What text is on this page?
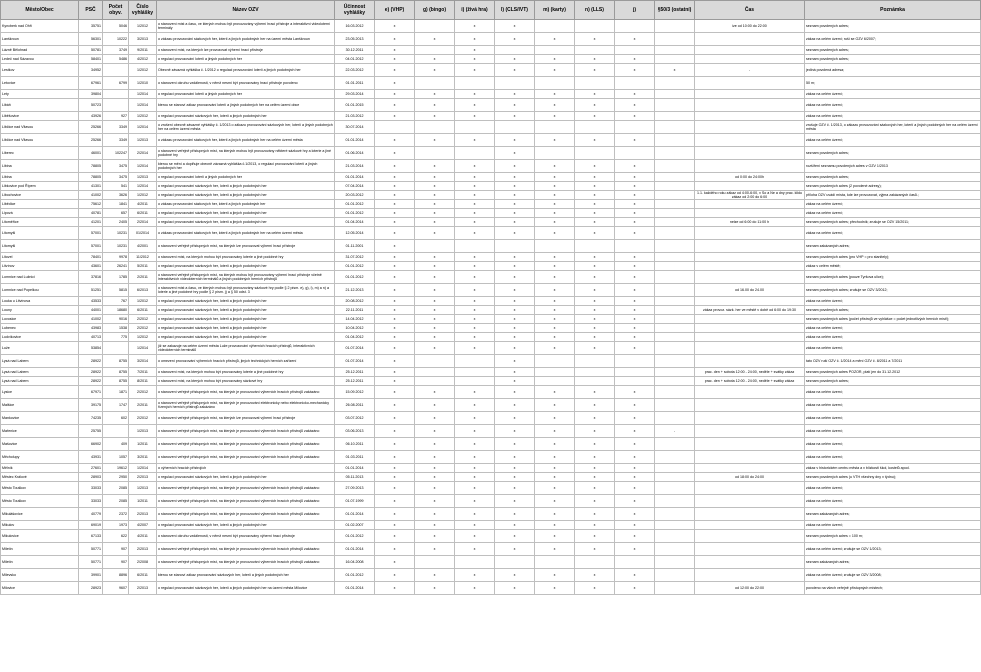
Město/Obec	PSČ	Počet obyv.	Číslo vyhlášky	Název OZV	Účinnost vyhlášky	e) (VHP)	g) (bingo)	i) (živá hra)	l) (CLS/IVT)	m) (karty)	n) (LLS)	j)	§50/3 (ostatní)	Čas	Poznámka
Kyncberk nad Ohří	35751	5046	1/2012	o stanovení míst a času, ve kterých mohou být provozovány výherní hrací přístroje a interaktivní videoloterní terminály	16.03.2012	x		x	x					ize od 10:00 do 22:00	seznam povolených adres;
Lanškroun	56301	10222	3/2013	o zákazu provozování sázkových her, loterií a jiných podobných her na území města Lanškroun	23.05.2013	x	x	x	x	x	x	x			zákaz na celém území; ruší se OZV 6/2007;
Lázně Bělohrad	50781	3749	9/2011	o stanovení míst, na kterých lze provozovat výherní hrací přístroje	30.12.2011	x		x							seznam povolených adres;
Ledeč nad Sázavou	58401	5486	4/2012	o regulaci provozování loterií a jiných podobných her	04.01.2012	x	x	x	x	x	x	x			seznam povolených adres;
Lestkov	34952		1/2012	Obecně závazná vyhláška č. 1/2012 o regulaci provozování loterií a jiných podobných her	22.03.2012	x	x	x	x	x	x	x	x	-	jediná povolená adresa;
Letovice	67961	6799	1/2010	o stanovení okruhu vzdálenosti, v němž nesmí být provozovány hrací přístroje povoleno	01.01.2011	x									50 m;
Lety	39804		1/2014	o regulaci provozování loterií a jiných podobných her	29.03.2014	x	x	x	x	x	x	x			zákaz na celém území;
Libáň	50723		1/2014	kterou se stanoví zákaz provozování loterií a jiných podobných her na celém území obce	01.01.2015	x	x	x	x	x	x	x			zákaz na celém území;
Liběšovice	43926	927	1/2012	o regulaci provozování sázkových her, loterií a jiných podobných her	21.03.2012	x	x	x	x	x	x	x			zákaz na celém území;
Libčice nad Vltavou	25266	3349	1/2014	o zrušení obecně závazné vyhlášky č. 1/2013 o zákazu provozování sázkových her, loterií a jiných podobných her na celém území města	30.07.2014										zrušuje OZV č. 1/2013, o zákazu provozování sázkových her, loterií a jiných podobných her na celém území města
Libčice nad Vltavou	25266	3349	1/2013	o zákazu provozování sázkových her, loterií a jiných podobných her na celém území města	01.01.2014	x	x	x	x	x	x	x			zákaz na celém území;
Liberec	46001	102247	2/2014	o stanovení veřejně přístupných míst, na kterých mohou být provozovány některé sázkové hry a loterie a jiné podobné hry	01.06.2014	x			x						seznam povolených adres;
Libina	78805	3475	1/2014	kterou se mění a doplňuje obecně závazná vyhláška č.1/2013, o regulaci provozování loterií a jiných podobných her	21.03.2014	x	x	x	x	x	x	x			rozšíření seznamu povolených adres v OZV 1/2013
Libina	78805	3475	1/2013	o regulaci provozování loterií a jiných podobných her	01.01.2014	x	x	x	x	x	x	x		od 0:00 do 24:00h	seznam povolených adres;
Libkovice pod Řípem	41301	541	1/2014	o regulaci provozování sázkových her, loterií a jiných podobných her	07.04.2014	x	x	x	x	x	x	x			seznam povolených adres (2 povolené adresy);
Libochovice	41002	3626	1/2012	o regulaci provozování sázkových her, loterií a jiných podobných her	20.03.2012	x	x	x	x	x	x	x		1.1. každého roku zákaz od 4:00-6:00, v So a Ne a dny prac. klidu zákaz od 2:00 do 6:00	příloha OZV uvádí místa, kde lze provozovat, výjma zakázaných časů.;
Libědice	75612	1841	4/2011	o zákazu provozování sázkových her, loterií a jiných podobných her	01.01.2012	x	x	x	x	x	x	x			zákaz na celém území;
Lipová	40781	657	6/2011	o regulaci provozování sázkových her, loterií a jiných podobných her	01.01.2012	x	x	x	x	x	x	x			zákaz na celém území;
Litoměřice	41201	2405	2/2014	o regulaci provozování sázkových her, loterií a jiných podobných her	01.04.2014	x	x	x	x	x	x	x		nelze od 6:00 do 11:00 h	seznam povolených adres; přechodník; zrušuje se OZV 15/2011;
Litomyšl	57001	10231	01/2014	o zákazu provozování sázkových her, loterií a jiných podobných her na celém území města	12.05.2014	x	x	x	x	x	x	x			zákaz na celém území;
Litomyšl	57001	10231	4/2001	o stanovení veřejně přístupných míst, na kterých lze provozovat výherní hrací přístroje	01.11.2001	x									seznam zakázaných adres;
Litovel	78401	9978	11/2012	o stanovení míst, na kterých mohou být provozovány loterie a jiné podobné hry	31.07.2012	x	x	x	x	x	x	x			seznam povolených adres (pro VHP = pro stanitely);
Litvínov	43601	26241	5/2011	o regulaci provozování sázkových her, loterií a jiných podobných her	01.01.2012	x	x	x	x	x	x	x			zákaz v celém městě;
Lomnice nad Lužnicí	37816	1785	2/2011	o stanovení veřejně přístupných míst, na kterých mohou být provozovány výherní hrací přístroje včetně interaktivních videoloterních terminálů a jiných podobných herních přístrojů	01.01.2012	x	x	x	x	x	x	x			seznam povolených adres (pouze Tyršova ulice);
Lomnice nad Popelkou	51251	5815	6/2013	o stanovení míst a času, ve kterých mohou být provozovány sázkové hry podle § 2 písm. e), g), i), m) a n) a loterie a jiné podobné hry podle § 2 písm. j) a § 50 odst. 3	21.12.2013	x	x	x	x	x	x	x		od 16.00 do 24.00	seznam povolených adres; zrušuje se OZV 3/2012;
Louka u Litvínova	43533	767	1/2012	o regulaci provozování sázkových her, loterií a jiných podobných her	20.08.2012	x	x	x	x	x	x	x			zákaz na celém území;
Louny	44001	18680	6/2011	o regulaci provozování sázkových her, loterií a jiných podobných her	22.11.2011	x	x	x	x	x	x	x		zákaz provoz. sázk. her ve městě v době od 6:00 do 19:30	seznam povolených adres;
Lovosice	41002	9016	2/2012	o regulaci provozování sázkových her, loterií a jiných podobných her	14.04.2012	x	x	x	x	x	x	x			seznam povolených adres (počet přístrojů ve vyhlášce = počet jednotlivých herních míst!);
Lubenec	43983	1538	2/2012	o regulaci provozování sázkových her, loterií a jiných podobných her	10.04.2012	x	x	x	x	x	x	x			zákaz na celém území;
Ludvíkovice	40713	775	1/2012	o regulaci provozování sázkových her, loterií a jiných podobných her	01.04.2012	x	x	x	x	x	x	x			zákaz na celém území;
Luže	53854		1/2014	jíž se zakazuje na celém území města Luže provozování výherních hracích přístrojů, interaktivních videoloterních terminálů	01.07.2014	x	x	x	x	x	x	x			zákaz na celém území;
Lysá nad Labem	28922	8755	3/2014	o omezení provozování výherních hracích přístrojů, jiných technických herních zařízení	01.07.2014	x			x						tato OZV ruší OZV č. 1/2014 a mění OZV č. 8/2011 a 7/2011
Lysá nad Labem	28922	8755	7/2011	o stanovení míst, na kterých mohou být provozovány loterie a jiné podobné hry	25.12.2011	x			x					prac. den + sobota 12:00 - 24:00, neděle + svátky zákaz	seznam povolených adres POZOR, platí jen do 31.12.2012
Lysá nad Labem	28922	8755	8/2011	o stanovení míst, na kterých mohou být provozovány sázkové hry	25.12.2011	x			x					prac. den + sobota 12:00 - 24:00, neděle + svátky zákaz	seznam povolených adres;
Lysice	67971	1871	2/2012	o stanovení veřejně přístupných míst, na kterých je provozování výherních hracích přístrojů zakázáno	15.09.2012	x	x	x	x	x	x	x			zákaz na celém území;
Malšice	39175	1747	2/2011	o stanovení veřejně přístupných míst, na kterých je provozování elektronicky nebo elektronicko-mechanicky řízených herních přístrojů zakázáno	26.08.2011	x	x	x	x	x	x	x			zákaz na celém území;
Mankovice	74235	602	2/2012	o stanovení veřejně přístupných míst, na kterých lze provozovat výherní hrací přístroje	03.07.2012	x	x	x	x	x	x	x			zákaz na celém území;
Mařenice	25755		1/2013	o stanovení veřejně přístupných míst, na kterých je provozování výherních hracích přístrojů zakázáno	03.06.2013	x	x	x	x	x	x	x	-		zákaz na celém území;
Mašovice	66902	409	1/2011	o stanovení veřejně přístupných míst, na kterých je provozování výherních hracích přístrojů zakázáno	06.10.2011	x	x	x	x	x	x	x			zákaz na celém území;
Měcholupy	43931	1057	3/2011	o stanovení veřejně přístupných míst, na kterých je provozování výherních hracích přístrojů zakázáno	01.03.2011	x	x	x	x	x	x	x			zákaz na celém území;
Mělník	27601	19612	1/2014	o výherních hracích přístrojích	01.01.2014	x	x	x	x	x	x	x			zákaz v historickém centru města a v blízkosti škol, kostelů apod.
Městec Králové	28903	2950	2/2013	o regulaci provozování sázkových her, loterií a jiných podobných her	05.11.2013	x	x	x	x	x	x	x		od 18:00 do 24:00	seznam povolených adres (u VTH všechny dny v týdnu);
Město Touškov	33033	2085	1/2013	o stanovení veřejně přístupných míst, na kterých je provozování výherních hracích přístrojů zakázáno	27.09.2013	x	x	x	x	x	x	x			zákaz na celém území;
Město Touškov	33033	2085	1/2011	o stanovení veřejně přístupných míst, na kterých je provozování výherních hracích přístrojů zakázáno	01.07.1999	x	x	x	x	x	x	x			zákaz na celém území;
Mikulášovice	40779	2372	2/2013	o stanovení veřejně přístupných míst, na kterých je provozování výherních hracích přístrojů zakázáno	01.01.2014	x	x	x	x	x	x	x			seznam zakázaných adres;
Mikulov	69019	1973	4/2007	o regulaci provozování sázkových her, loterií a jiných podobných her	01.02.2007	x	x	x	x	x	x	x			zákaz na celém území;
Mikulovice	67133	622	4/2011	o stanovení okruhu vzdálenosti, v němž nesmí být provozovány výherní hrací přístroje	01.01.2012	x	x	x	x	x	x	x			seznam povolených adres = 100 m;
Miletín	50771	907	2/2013	o stanovení veřejně přístupných míst, na kterých je provozování výherních hracích přístrojů zakázáno	01.01.2014	x	x	x	x	x	x	x			zákaz na celém území; zrušuje se OZV 1/2013;
Miletín	50771	907	2/2008	o stanovení veřejně přístupných míst, na kterých je provozování výherních hracích přístrojů zakázáno	16.04.2008	x									seznam zakázaných adres;
Milevsko	39901	8896	6/2011	kterou se stanoví zákaz provozování sázkových her, loterií a jiných podobných her	01.01.2012	x	x	x	x	x	x	x			zákaz na celém území; zrušuje se OZV 3/2008;
Milovice	28923	9607	2/2013	o regulaci provozování sázkových her, loterií a jiných podobných her na území města Milovice	01.01.2014	x	x	x	x	x	x	x		od 12:00 do 22:00	povoleno na všech veřejně přístupných místech;
